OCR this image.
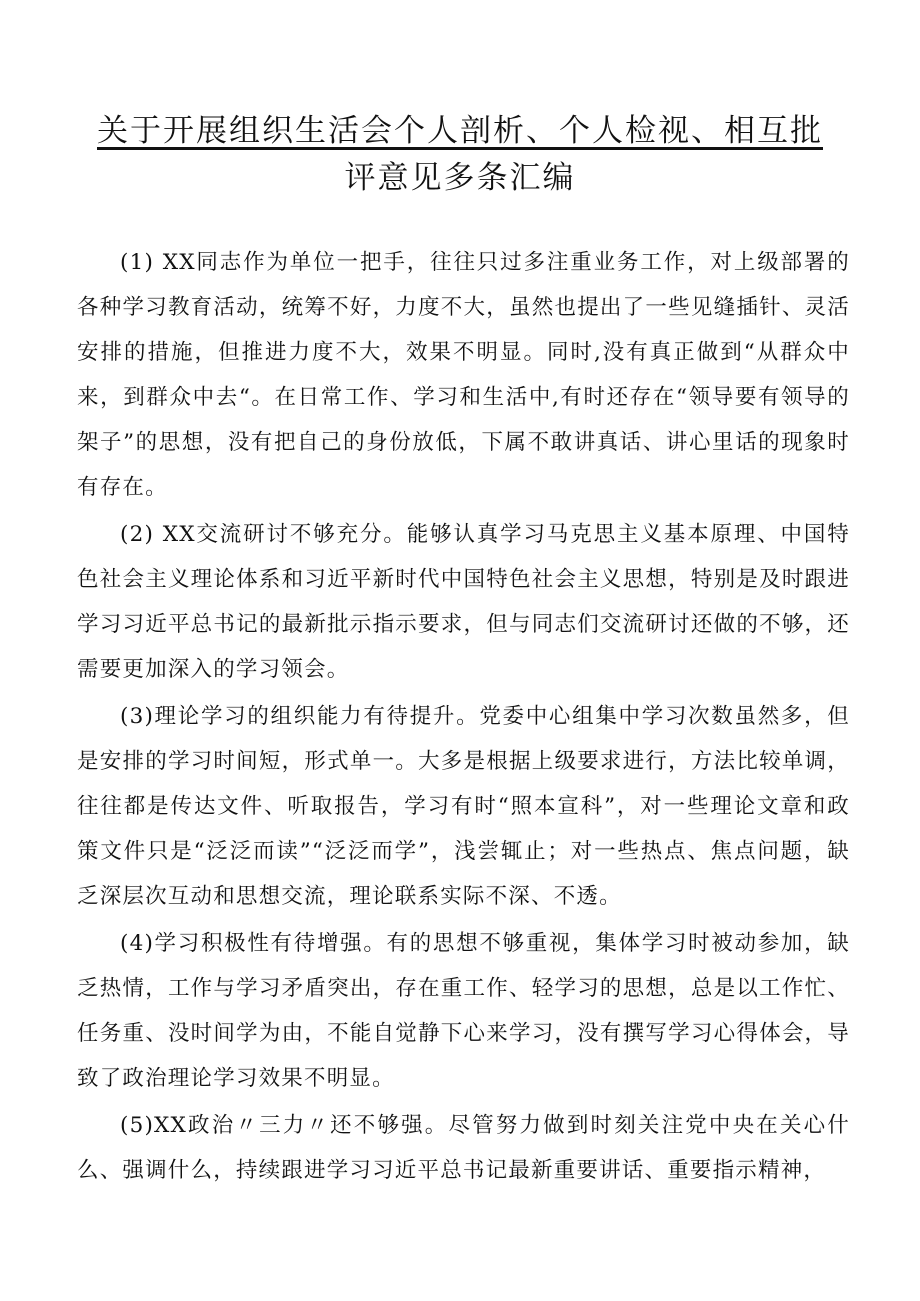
关于开展组织生活会个人剖析、个人检视、相互批
评意见多条汇编

(1) XX同志作为单位一把手，往往只过多注重业务工作，对上级部署的各种学习教育活动，统筹不好，力度不大，虽然也提出了一些见缝插针、灵活安排的措施，但推进力度不大，效果不明显。同时,没有真正做到“从群众中来，到群众中去“。在日常工作、学习和生活中,有时还存在“领导要有领导的架子”的思想，没有把自己的身份放低，下属不敢讲真话、讲心里话的现象时有存在。

(2) XX交流研讨不够充分。能够认真学习马克思主义基本原理、中国特色社会主义理论体系和习近平新时代中国特色社会主义思想，特别是及时跟进学习习近平总书记的最新批示指示要求，但与同志们交流研讨还做的不够，还需要更加深入的学习领会。

(3)理论学习的组织能力有待提升。党委中心组集中学习次数虽然多，但是安排的学习时间短，形式单一。大多是根据上级要求进行，方法比较单调，往往都是传达文件、听取报告，学习有时“照本宣科”，对一些理论文章和政策文件只是“泛泛而读”“泛泛而学”，浅尝辄止；对一些热点、焦点问题，缺乏深层次互动和思想交流，理论联系实际不深、不透。

(4)学习积极性有待增强。有的思想不够重视，集体学习时被动参加，缺乏热情，工作与学习矛盾突出，存在重工作、轻学习的思想，总是以工作忙、任务重、没时间学为由，不能自觉静下心来学习，没有撰写学习心得体会，导致了政治理论学习效果不明显。

(5)XX政治〃三力〃还不够强。尽管努力做到时刻关注党中央在关心什么、强调什么，持续跟进学习习近平总书记最新重要讲话、重要指示精神，
